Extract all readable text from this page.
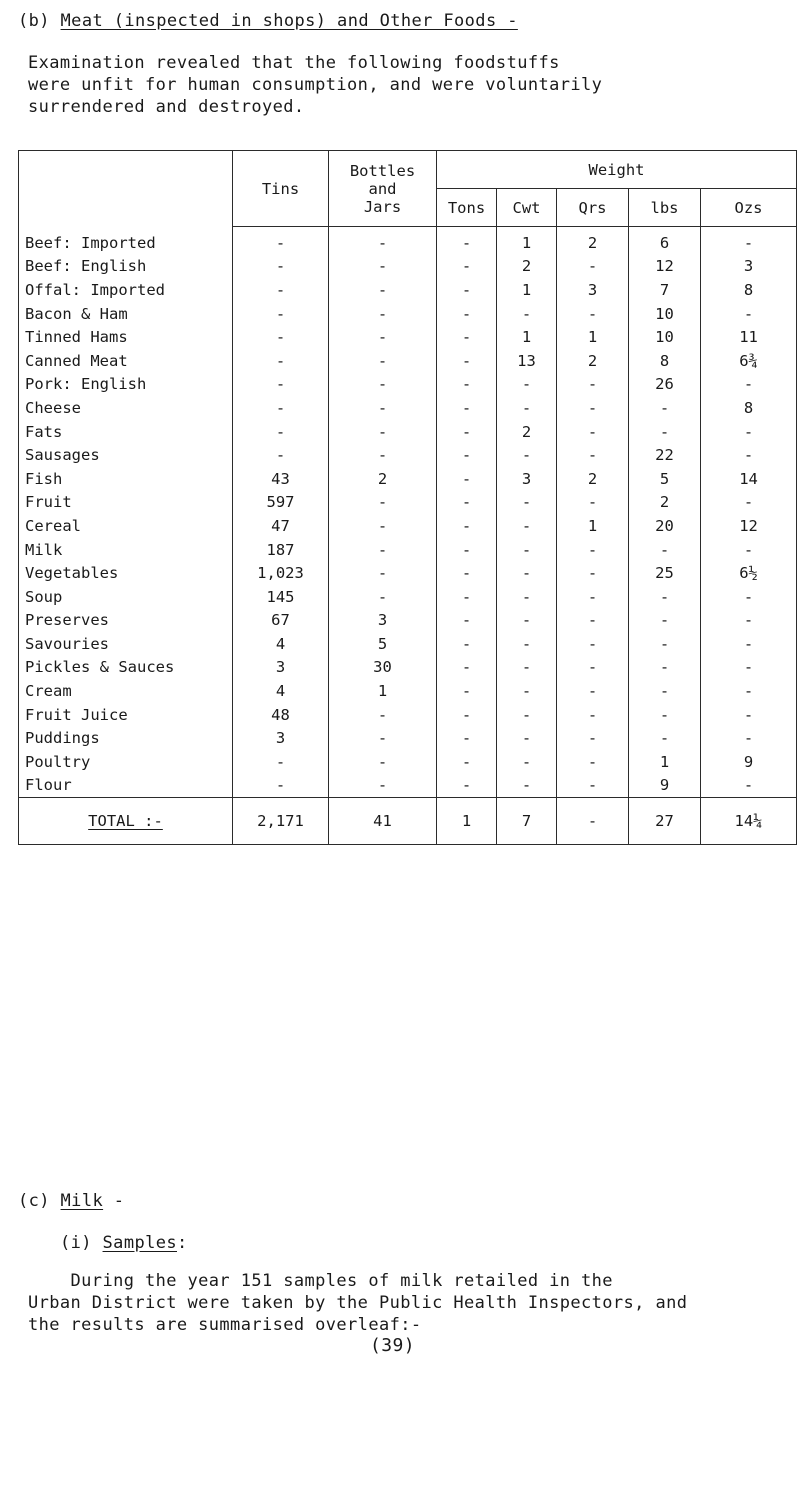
(b) Meat (inspected in shops) and Other Foods -
Examination revealed that the following foodstuffs
were unfit for human consumption, and were voluntarily
surrendered and destroyed.
	Tins	Bottles
and
Jars	Weight				
			Tons	Cwt	Qrs	lbs	Ozs
Beef: Imported	-	-	-	1	2	6	-
Beef: English	-	-	-	2	-	12	3
Offal: Imported	-	-	-	1	3	7	8
Bacon & Ham	-	-	-	-	-	10	-
Tinned Hams	-	-	-	1	1	10	11
Canned Meat	-	-	-	13	2	8	6¾
Pork: English	-	-	-	-	-	26	-
Cheese	-	-	-	-	-	-	8
Fats	-	-	-	2	-	-	-
Sausages	-	-	-	-	-	22	-
Fish	43	2	-	3	2	5	14
Fruit	597	-	-	-	-	2	-
Cereal	47	-	-	-	1	20	12
Milk	187	-	-	-	-	-	-
Vegetables	1,023	-	-	-	-	25	6½
Soup	145	-	-	-	-	-	-
Preserves	67	3	-	-	-	-	-
Savouries	4	5	-	-	-	-	-
Pickles & Sauces	3	30	-	-	-	-	-
Cream	4	1	-	-	-	-	-
Fruit Juice	48	-	-	-	-	-	-
Puddings	3	-	-	-	-	-	-
Poultry	-	-	-	-	-	1	9
Flour	-	-	-	-	-	9	-
TOTAL :-	2,171	41	1	7	-	27	14¼
(c) Milk -
(i) Samples:
During the year 151 samples of milk retailed in the
Urban District were taken by the Public Health Inspectors, and
the results are summarised overleaf:-
(39)
